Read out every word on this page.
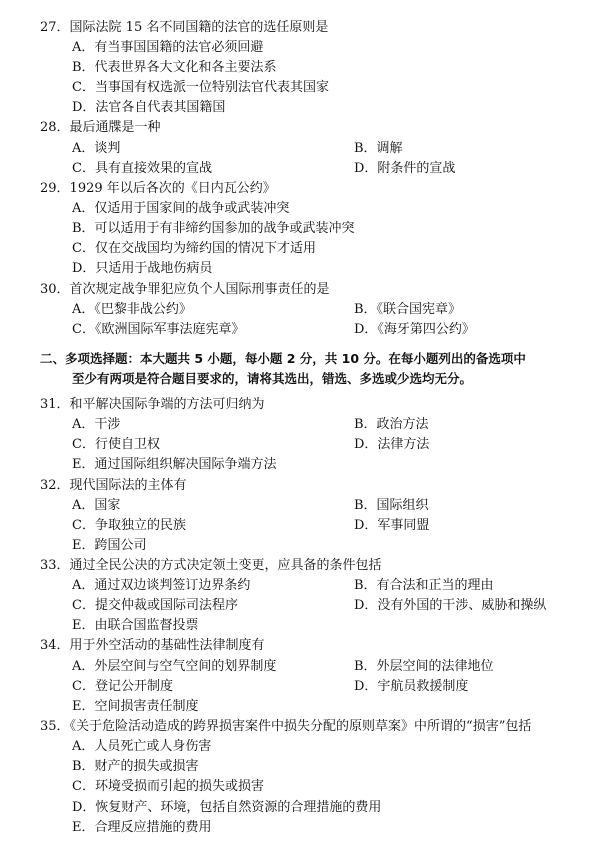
27．国际法院 15 名不同国籍的法官的选任原则是
A．有当事国国籍的法官必须回避
B．代表世界各大文化和各主要法系
C．当事国有权选派一位特别法官代表其国家
D．法官各自代表其国籍国
28．最后通牒是一种
A．谈判	B．调解
C．具有直接效果的宣战	D．附条件的宣战
29．1929 年以后各次的《日内瓦公约》
A．仅适用于国家间的战争或武装冲突
B．可以适用于有非缔约国参加的战争或武装冲突
C．仅在交战国均为缔约国的情况下才适用
D．只适用于战地伤病员
30．首次规定战争罪犯应负个人国际刑事责任的是
A．《巴黎非战公约》	B．《联合国宪章》
C．《欧洲国际军事法庭宪章》	D．《海牙第四公约》
二、多项选择题：本大题共 5 小题，每小题 2 分，共 10 分。在每小题列出的备选项中
至少有两项是符合题目要求的，请将其选出，错选、多选或少选均无分。
31．和平解决国际争端的方法可归纳为
A．干涉	B．政治方法
C．行使自卫权	D．法律方法
E．通过国际组织解决国际争端方法
32．现代国际法的主体有
A．国家	B．国际组织
C．争取独立的民族	D．军事同盟
E．跨国公司
33．通过全民公决的方式决定领土变更，应具备的条件包括
A．通过双边谈判签订边界条约	B．有合法和正当的理由
C．提交仲裁或国际司法程序	D．没有外国的干涉、威胁和操纵
E．由联合国监督投票
34．用于外空活动的基础性法律制度有
A．外层空间与空气空间的划界制度	B．外层空间的法律地位
C．登记公开制度	D．宇航员救援制度
E．空间损害责任制度
35．《关于危险活动造成的跨界损害案件中损失分配的原则草案》中所谓的“损害”包括
A．人员死亡或人身伤害
B．财产的损失或损害
C．环境受损而引起的损失或损害
D．恢复财产、环境，包括自然资源的合理措施的费用
E．合理反应措施的费用
